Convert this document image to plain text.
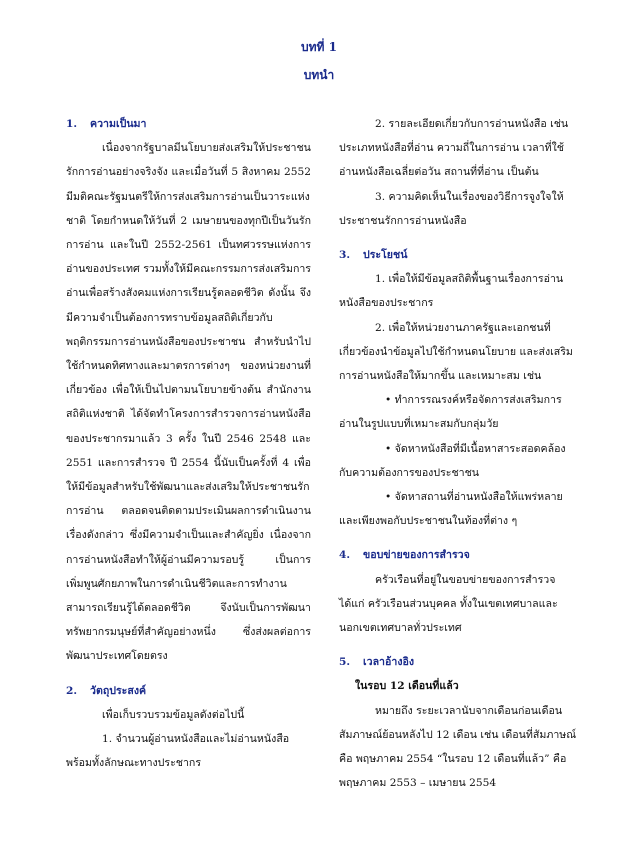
บทที่ 1
บทนำ

1. ความเป็นมา

เนื่องจากรัฐบาลมีนโยบายส่งเสริมให้ประชาชนรักการอ่านอย่างจริงจัง และเมื่อวันที่ 5 สิงหาคม 2552 มีมติคณะรัฐมนตรีให้การส่งเสริมการอ่านเป็นวาระแห่งชาติ โดยกำหนดให้วันที่ 2 เมษายนของทุกปีเป็นวันรักการอ่าน และในปี 2552-2561 เป็นทศวรรษแห่งการอ่านของประเทศ รวมทั้งให้มีคณะกรรมการส่งเสริมการอ่านเพื่อสร้างสังคมแห่งการเรียนรู้ตลอดชีวิต ดังนั้น จึงมีความจำเป็นต้องการทราบข้อมูลสถิติเกี่ยวกับพฤติกรรมการอ่านหนังสือของประชาชน สำหรับนำไปใช้กำหนดทิศทางและมาตรการต่างๆ ของหน่วยงานที่เกี่ยวข้อง เพื่อให้เป็นไปตามนโยบายข้างต้น สำนักงานสถิติแห่งชาติ ได้จัดทำโครงการสำรวจการอ่านหนังสือของประชากรมาแล้ว 3 ครั้ง ในปี 2546 2548 และ 2551 และการสำรวจ ปี 2554 นี้นับเป็นครั้งที่ 4 เพื่อให้มีข้อมูลสำหรับใช้พัฒนาและส่งเสริมให้ประชาชนรักการอ่าน ตลอดจนติดตามประเมินผลการดำเนินงานเรื่องดังกล่าว ซึ่งมีความจำเป็นและสำคัญยิ่ง เนื่องจากการอ่านหนังสือทำให้ผู้อ่านมีความรอบรู้ เป็นการเพิ่มพูนศักยภาพในการดำเนินชีวิตและการทำงาน สามารถเรียนรู้ได้ตลอดชีวิต จึงนับเป็นการพัฒนาทรัพยากรมนุษย์ที่สำคัญอย่างหนึ่ง ซึ่งส่งผลต่อการพัฒนาประเทศโดยตรง

2. วัตถุประสงค์

เพื่อเก็บรวบรวมข้อมูลดังต่อไปนี้

1. จำนวนผู้อ่านหนังสือและไม่อ่านหนังสือ พร้อมทั้งลักษณะทางประชากร

2. รายละเอียดเกี่ยวกับการอ่านหนังสือ เช่น ประเภทหนังสือที่อ่าน ความถี่ในการอ่าน เวลาที่ใช้อ่านหนังสือเฉลี่ยต่อวัน สถานที่ที่อ่าน เป็นต้น

3. ความคิดเห็นในเรื่องของวิธีการจูงใจให้ประชาชนรักการอ่านหนังสือ

3. ประโยชน์

1. เพื่อให้มีข้อมูลสถิติพื้นฐานเรื่องการอ่านหนังสือของประชากร

2. เพื่อให้หน่วยงานภาครัฐและเอกชนที่เกี่ยวข้องนำข้อมูลไปใช้กำหนดนโยบาย และส่งเสริมการอ่านหนังสือให้มากขึ้น และเหมาะสม เช่น

• ทำการรณรงค์หรือจัดการส่งเสริมการอ่านในรูปแบบที่เหมาะสมกับกลุ่มวัย

• จัดหาหนังสือที่มีเนื้อหาสาระสอดคล้องกับความต้องการของประชาชน

• จัดหาสถานที่อ่านหนังสือให้แพร่หลายและเพียงพอกับประชาชนในท้องที่ต่าง ๆ

4. ขอบข่ายของการสำรวจ

ครัวเรือนที่อยู่ในขอบข่ายของการสำรวจ ได้แก่ ครัวเรือนส่วนบุคคล ทั้งในเขตเทศบาลและนอกเขตเทศบาลทั่วประเทศ

5. เวลาอ้างอิง

ในรอบ 12 เดือนที่แล้ว

หมายถึง ระยะเวลานับจากเดือนก่อนเดือนสัมภาษณ์ย้อนหลังไป 12 เดือน เช่น เดือนที่สัมภาษณ์ คือ พฤษภาคม 2554 “ในรอบ 12 เดือนที่แล้ว” คือ พฤษภาคม 2553 – เมษายน 2554
